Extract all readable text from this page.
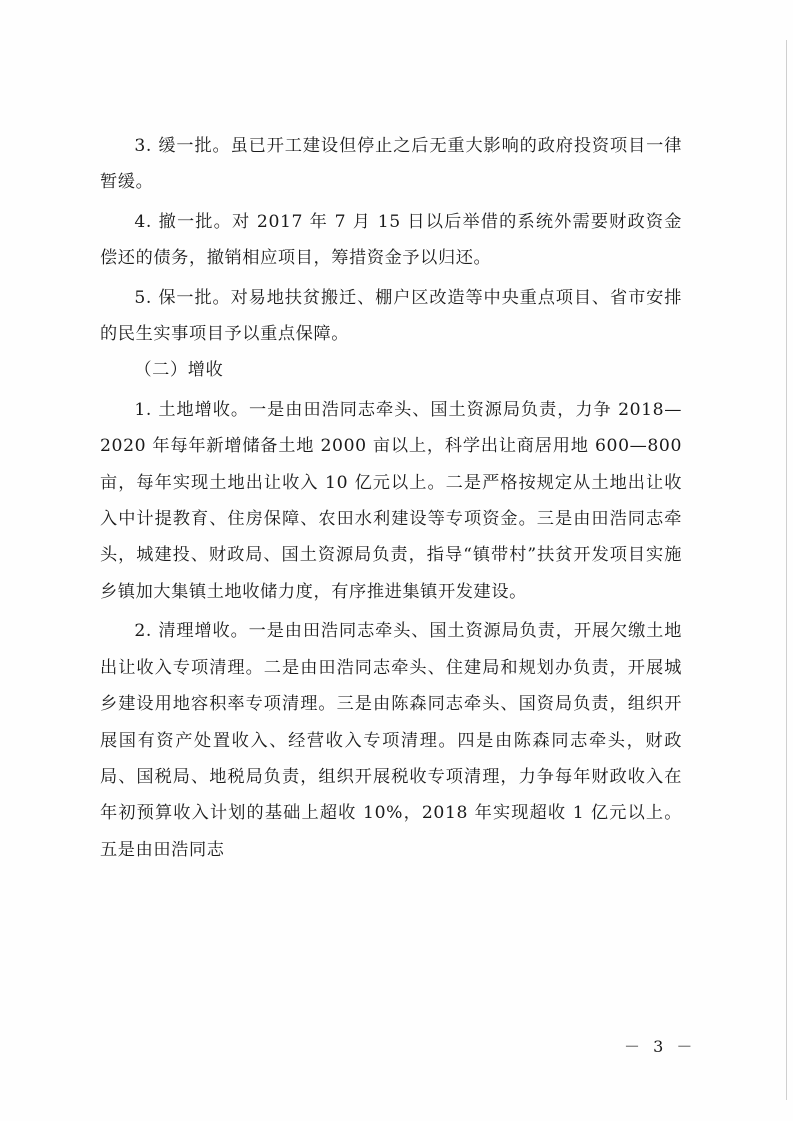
3. 缓一批。虽已开工建设但停止之后无重大影响的政府投资项目一律暂缓。

4. 撤一批。对 2017 年 7 月 15 日以后举借的系统外需要财政资金偿还的债务，撤销相应项目，筹措资金予以归还。

5. 保一批。对易地扶贫搬迁、棚户区改造等中央重点项目、省市安排的民生实事项目予以重点保障。

（二）增收

1. 土地增收。一是由田浩同志牵头、国土资源局负责，力争 2018—2020 年每年新增储备土地 2000 亩以上，科学出让商居用地 600—800 亩，每年实现土地出让收入 10 亿元以上。二是严格按规定从土地出让收入中计提教育、住房保障、农田水利建设等专项资金。三是由田浩同志牵头，城建投、财政局、国土资源局负责，指导“镇带村”扶贫开发项目实施乡镇加大集镇土地收储力度，有序推进集镇开发建设。

2. 清理增收。一是由田浩同志牵头、国土资源局负责，开展欠缴土地出让收入专项清理。二是由田浩同志牵头、住建局和规划办负责，开展城乡建设用地容积率专项清理。三是由陈森同志牵头、国资局负责，组织开展国有资产处置收入、经营收入专项清理。四是由陈森同志牵头，财政局、国税局、地税局负责，组织开展税收专项清理，力争每年财政收入在年初预算收入计划的基础上超收 10%，2018 年实现超收 1 亿元以上。五是由田浩同志

－ 3 －
